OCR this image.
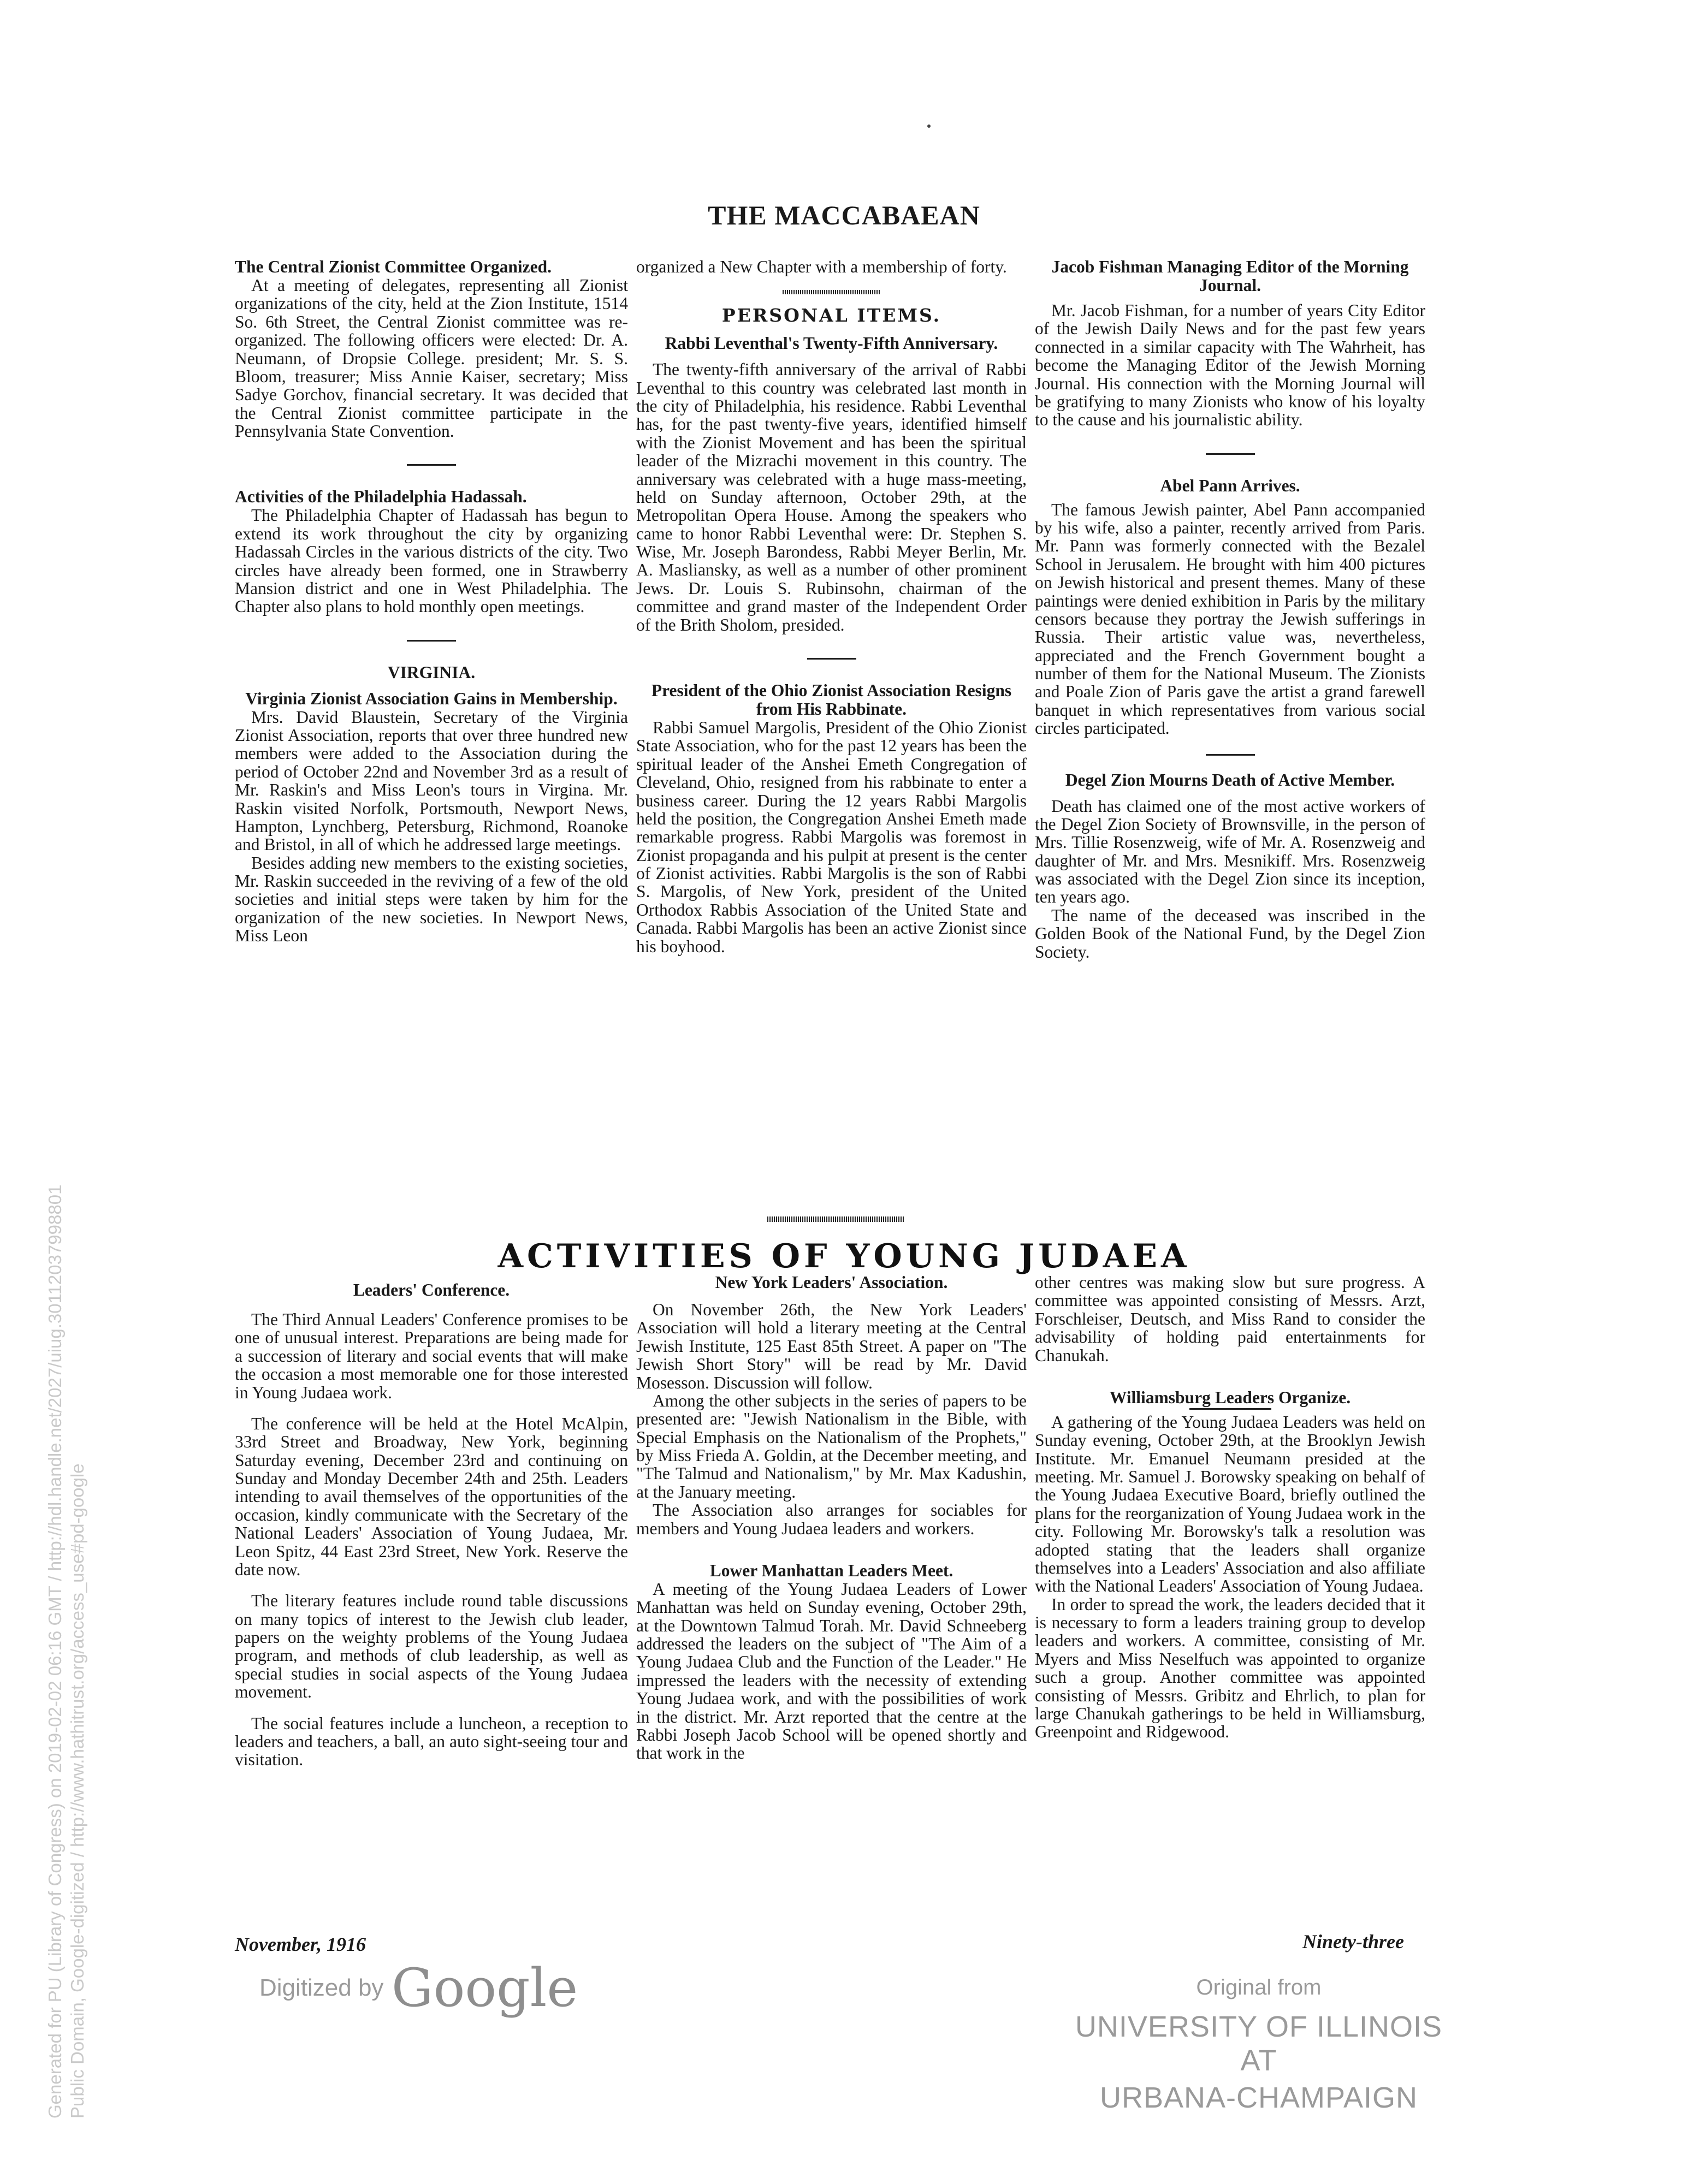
THE MACCABAEAN
The Central Zionist Committee Organized.

At a meeting of delegates, representing all Zionist organizations of the city, held at the Zion Institute, 1514 So. 6th Street, the Central Zionist committee was re-organized. The following officers were elected: Dr. A. Neumann, of Dropsie College. president; Mr. S. S. Bloom, treasurer; Miss Annie Kaiser, secretary; Miss Sadye Gorchov, financial secretary. It was decided that the Central Zionist committee participate in the Pennsylvania State Convention.

Activities of the Philadelphia Hadassah.

The Philadelphia Chapter of Hadassah has begun to extend its work throughout the city by organizing Hadassah Circles in the various districts of the city. Two circles have already been formed, one in Strawberry Mansion district and one in West Philadelphia. The Chapter also plans to hold monthly open meetings.

VIRGINIA.
Virginia Zionist Association Gains in Membership.

Mrs. David Blaustein, Secretary of the Virginia Zionist Association, reports that over three hundred new members were added to the Association during the period of October 22nd and November 3rd as a result of Mr. Raskin's and Miss Leon's tours in Virgina. Mr. Raskin visited Norfolk, Portsmouth, Newport News, Hampton, Lynchberg, Petersburg, Richmond, Roanoke and Bristol, in all of which he addressed large meetings.

Besides adding new members to the existing societies, Mr. Raskin succeeded in the reviving of a few of the old societies and initial steps were taken by him for the organization of the new societies. In Newport News, Miss Leon

organized a New Chapter with a membership of forty.

PERSONAL ITEMS.
Rabbi Leventhal's Twenty-Fifth Anniversary.

The twenty-fifth anniversary of the arrival of Rabbi Leventhal to this country was celebrated last month in the city of Philadelphia, his residence. Rabbi Leventhal has, for the past twenty-five years, identified himself with the Zionist Movement and has been the spiritual leader of the Mizrachi movement in this country. The anniversary was celebrated with a huge mass-meeting, held on Sunday afternoon, October 29th, at the Metropolitan Opera House. Among the speakers who came to honor Rabbi Leventhal were: Dr. Stephen S. Wise, Mr. Joseph Barondess, Rabbi Meyer Berlin, Mr. A. Masliansky, as well as a number of other prominent Jews. Dr. Louis S. Rubinsohn, chairman of the committee and grand master of the Independent Order of the Brith Sholom, presided.

President of the Ohio Zionist Association Resigns from His Rabbinate.

Rabbi Samuel Margolis, President of the Ohio Zionist State Association, who for the past 12 years has been the spiritual leader of the Anshei Emeth Congregation of Cleveland, Ohio, resigned from his rabbinate to enter a business career. During the 12 years Rabbi Margolis held the position, the Congregation Anshei Emeth made remarkable progress. Rabbi Margolis was foremost in Zionist propaganda and his pulpit at present is the center of Zionist activities. Rabbi Margolis is the son of Rabbi S. Margolis, of New York, president of the United Orthodox Rabbis Association of the United State and Canada. Rabbi Margolis has been an active Zionist since his boyhood.

Jacob Fishman Managing Editor of the Morning Journal.

Mr. Jacob Fishman, for a number of years City Editor of the Jewish Daily News and for the past few years connected in a similar capacity with The Wahrheit, has become the Managing Editor of the Jewish Morning Journal. His connection with the Morning Journal will be gratifying to many Zionists who know of his loyalty to the cause and his journalistic ability.

Abel Pann Arrives.

The famous Jewish painter, Abel Pann accompanied by his wife, also a painter, recently arrived from Paris. Mr. Pann was formerly connected with the Bezalel School in Jerusalem. He brought with him 400 pictures on Jewish historical and present themes. Many of these paintings were denied exhibition in Paris by the military censors because they portray the Jewish sufferings in Russia. Their artistic value was, nevertheless, appreciated and the French Government bought a number of them for the National Museum. The Zionists and Poale Zion of Paris gave the artist a grand farewell banquet in which representatives from various social circles participated.

Degel Zion Mourns Death of Active Member.

Death has claimed one of the most active workers of the Degel Zion Society of Brownsville, in the person of Mrs. Tillie Rosenzweig, wife of Mr. A. Rosenzweig and daughter of Mr. and Mrs. Mesnikiff. Mrs. Rosenzweig was associated with the Degel Zion since its inception, ten years ago.

The name of the deceased was inscribed in the Golden Book of the National Fund, by the Degel Zion Society.

ACTIVITIES OF YOUNG JUDAEA
Leaders' Conference.

The Third Annual Leaders' Conference promises to be one of unusual interest. Preparations are being made for a succession of literary and social events that will make the occasion a most memorable one for those interested in Young Judaea work.

The conference will be held at the Hotel McAlpin, 33rd Street and Broadway, New York, beginning Saturday evening, December 23rd and continuing on Sunday and Monday December 24th and 25th. Leaders intending to avail themselves of the opportunities of the occasion, kindly communicate with the Secretary of the National Leaders' Association of Young Judaea, Mr. Leon Spitz, 44 East 23rd Street, New York. Reserve the date now.

The literary features include round table discussions on many topics of interest to the Jewish club leader, papers on the weighty problems of the Young Judaea program, and methods of club leadership, as well as special studies in social aspects of the Young Judaea movement.

The social features include a luncheon, a reception to leaders and teachers, a ball, an auto sight-seeing tour and visitation.

New York Leaders' Association.

On November 26th, the New York Leaders' Association will hold a literary meeting at the Central Jewish Institute, 125 East 85th Street. A paper on "The Jewish Short Story" will be read by Mr. David Mosesson. Discussion will follow.

Among the other subjects in the series of papers to be presented are: "Jewish Nationalism in the Bible, with Special Emphasis on the Nationalism of the Prophets," by Miss Frieda A. Goldin, at the December meeting, and "The Talmud and Nationalism," by Mr. Max Kadushin, at the January meeting.

The Association also arranges for sociables for members and Young Judaea leaders and workers.

Lower Manhattan Leaders Meet.

A meeting of the Young Judaea Leaders of Lower Manhattan was held on Sunday evening, October 29th, at the Downtown Talmud Torah. Mr. David Schneeberg addressed the leaders on the subject of "The Aim of a Young Judaea Club and the Function of the Leader." He impressed the leaders with the necessity of extending Young Judaea work, and with the possibilities of work in the district. Mr. Arzt reported that the centre at the Rabbi Joseph Jacob School will be opened shortly and that work in the

other centres was making slow but sure progress. A committee was appointed consisting of Messrs. Arzt, Forschleiser, Deutsch, and Miss Rand to consider the advisability of holding paid entertainments for Chanukah.

Williamsburg Leaders Organize.

A gathering of the Young Judaea Leaders was held on Sunday evening, October 29th, at the Brooklyn Jewish Institute. Mr. Emanuel Neumann presided at the meeting. Mr. Samuel J. Borowsky speaking on behalf of the Young Judaea Executive Board, briefly outlined the plans for the reorganization of Young Judaea work in the city. Following Mr. Borowsky's talk a resolution was adopted stating that the leaders shall organize themselves into a Leaders' Association and also affiliate with the National Leaders' Association of Young Judaea.

In order to spread the work, the leaders decided that it is necessary to form a leaders training group to develop leaders and workers. A committee, consisting of Mr. Myers and Miss Neselfuch was appointed to organize such a group. Another committee was appointed consisting of Messrs. Gribitz and Ehrlich, to plan for large Chanukah gatherings to be held in Williamsburg, Greenpoint and Ridgewood.

November, 1916	Ninety-three
Generated for PU (Library of Congress) on 2019-02-02 06:16 GMT / http://hdl.handle.net/2027/uiug.30112037998801 Public Domain, Google-digitized / http://www.hathitrust.org/access_use#pd-google	Digitized by Google	Original from
UNIVERSITY OF ILLINOIS AT
URBANA-CHAMPAIGN
